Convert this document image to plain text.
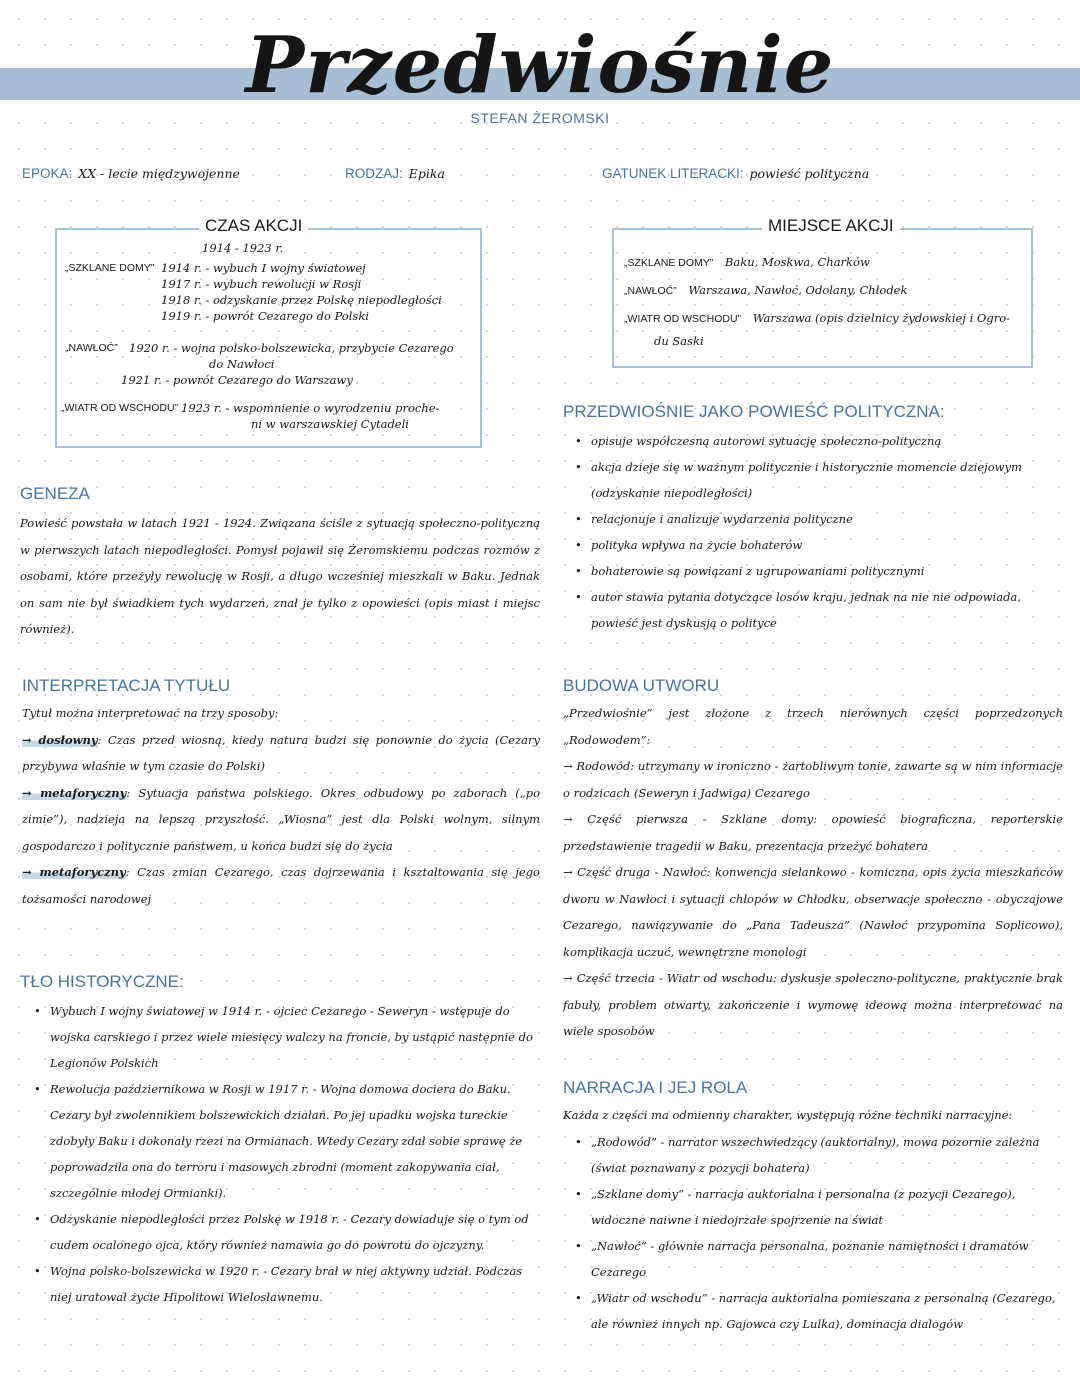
Przedwiośnie
STEFAN ŻEROMSKI
EPOKA: XX - lecie międzywojenne	RODZAJ: Epika	GATUNEK LITERACKI: powieść polityczna
CZAS AKCJI
1914 - 1923 r.
„SZKLANE DOMY” 1914 r. - wybuch I wojny światowej
1917 r. - wybuch rewolucji w Rosji
1918 r. - odzyskanie przez Polskę niepodległości
1919 r. - powrót Cezarego do Polski
„NAWŁOĆ” 1920 r. - wojna polsko-bolszewicka, przybycie Cezarego
do Nawłoci
1921 r. - powrót Cezarego do Warszawy
„WIATR OD WSCHODU” 1923 r. - wspomnienie o wyrodzeniu proche-
ni w warszawskiej Cytadeli
MIEJSCE AKCJI
„SZKLANE DOMY” Baku, Moskwa, Charków
„NAWŁOĆ” Warszawa, Nawłoć, Odolany, Chłodek
„WIATR OD WSCHODU” Warszawa (opis dzielnicy żydowskiej i Ogro-
du Saski
GENEZA
Powieść powstała w latach 1921 - 1924. Związana ściśle z sytuacją społeczno-polityczną w pierwszych latach niepodległości. Pomysł pojawił się Żeromskiemu podczas rozmów z osobami, które przeżyły rewolucję w Rosji, a długo wcześniej mieszkali w Baku. Jednak on sam nie był świadkiem tych wydarzeń, znał je tylko z opowieści (opis miast i miejsc również).
INTERPRETACJA TYTUŁU

Tytuł można interpretować na trzy sposoby:

→ dosłowny: Czas przed wiosną, kiedy natura budzi się ponownie do życia (Cezary przybywa właśnie w tym czasie do Polski)

→ metaforyczny: Sytuacja państwa polskiego. Okres odbudowy po zaborach („po zimie”), nadzieja na lepszą przyszłość. „Wiosna” jest dla Polski wolnym, silnym gospodarczo i politycznie państwem, u końca budzi się do życia

→ metaforyczny: Czas zmian Cezarego, czas dojrzewania i kształtowania się jego tożsamości narodowej

TŁO HISTORYCZNE:
• Wybuch I wojny światowej w 1914 r. - ojciec Cezarego - Seweryn - wstępuje do wojska carskiego i przez wiele miesięcy walczy na froncie, by ustąpić następnie do Legionów Polskich
• Rewolucja październikowa w Rosji w 1917 r. - Wojna domowa dociera do Baku. Cezary był zwolennikiem bolszewickich działań. Po jej upadku wojska tureckie zdobyły Baku i dokonały rzezi na Ormianach. Wtedy Cezary zdał sobie sprawę że poprowadziła ona do terroru i masowych zbrodni (moment zakopywania ciał, szczególnie młodej Ormianki).
• Odzyskanie niepodległości przez Polskę w 1918 r. - Cezary dowiaduje się o tym od cudem ocalonego ojca, który również namawia go do powrotu do ojczyzny.
• Wojna polsko-bolszewicka w 1920 r. - Cezary brał w niej aktywny udział. Podczas niej uratował życie Hipolitowi Wielosławnemu.
PRZEDWIOŚNIE JAKO POWIEŚĆ POLITYCZNA:
• opisuje współczesną autorowi sytuację społeczno-polityczną
• akcja dzieje się w ważnym politycznie i historycznie momencie dziejowym (odzyskanie niepodległości)
• relacjonuje i analizuje wydarzenia polityczne
• polityka wpływa na życie bohaterów
• bohaterowie są powiązani z ugrupowaniami politycznymi
• autor stawia pytania dotyczące losów kraju, jednak na nie nie odpowiada, powieść jest dyskusją o polityce
BUDOWA UTWORU

„Przedwiośnie” jest złożone z trzech nierównych części poprzedzonych „Rodowodem”:

→ Rodowód: utrzymany w ironiczno - żartobliwym tonie, zawarte są w nim informacje o rodzicach (Seweryn i Jadwiga) Cezarego

→ Część pierwsza - Szklane domy: opowieść biograficzna, reporterskie przedstawienie tragedii w Baku, prezentacja przeżyć bohatera

→ Część druga - Nawłoć: konwencja sielankowo - komiczna, opis życia mieszkańców dworu w Nawłoci i sytuacji chłopów w Chłodku, obserwacje społeczno - obyczajowe Cezarego, nawiązywanie do „Pana Tadeusza” (Nawłoć przypomina Soplicowo), komplikacja uczuć, wewnętrzne monologi

→ Część trzecia - Wiatr od wschodu: dyskusje społeczno-polityczne, praktycznie brak fabuły, problem otwarty, zakończenie i wymowę ideową można interpretować na wiele sposobów

NARRACJA I JEJ ROLA

Każda z części ma odmienny charakter, występują różne techniki narracyjne:

• „Rodowód” - narrator wszechwiedzący (auktorialny), mowa pozornie zależna (świat poznawany z pozycji bohatera)
• „Szklane domy” - narracja auktorialna i personalna (z pozycji Cezarego), widoczne naiwne i niedojrzałe spojrzenie na świat
• „Nawłoć” - głównie narracja personalna, poznanie namiętności i dramatów Cezarego
• „Wiatr od wschodu” - narracja auktorialna pomieszana z personalną (Cezarego, ale również innych np. Gajowca czy Lulka), dominacja dialogów
